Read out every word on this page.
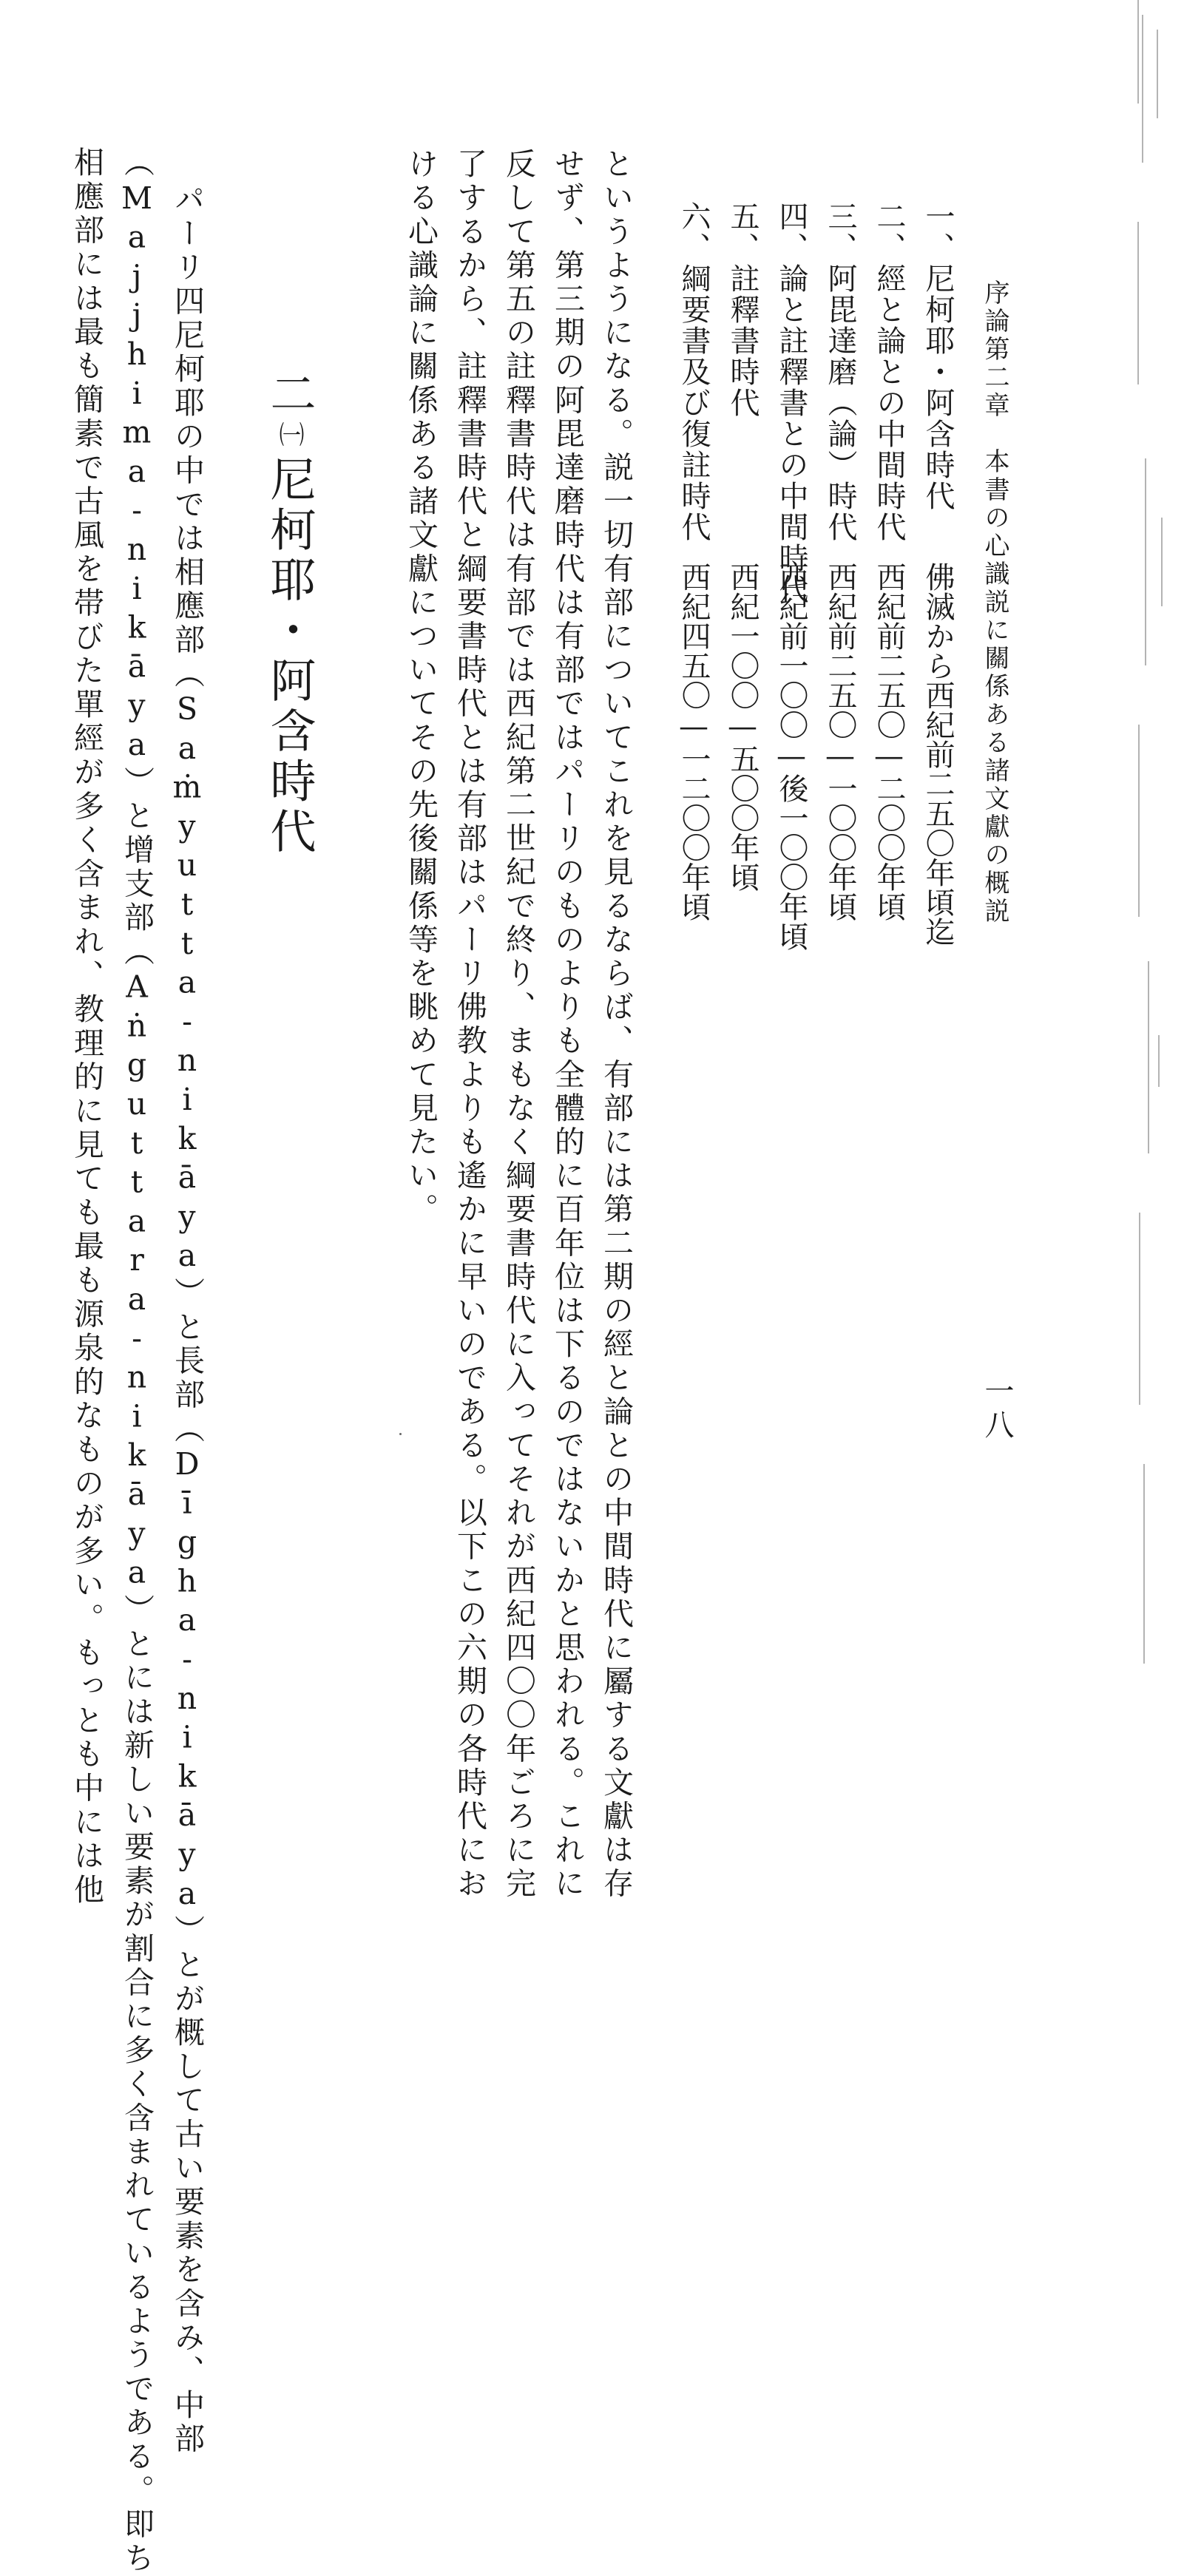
序論第二章　本書の心識説に關係ある諸文獻の概説
一八
一、尼柯耶・阿含時代
二、經と論との中間時代
三、阿毘達磨（論）時代
四、論と註釋書との中間時代
五、註釋書時代
六、綱要書及び復註時代
佛滅から西紀前二五〇年頃迄
西紀前二五〇—二〇〇年頃
西紀前二五〇—一〇〇年頃
西紀前一〇〇—後一〇〇年頃
西紀一〇〇—五〇〇年頃
西紀四五〇—一二〇〇年頃
というようになる。説一切有部についてこれを見るならば、有部には第二期の經と論との中間時代に屬する文獻は存
せず、第三期の阿毘達磨時代は有部ではパーリのものよりも全體的に百年位は下るのではないかと思われる。これに
反して第五の註釋書時代は有部では西紀第二世紀で終り、まもなく綱要書時代に入ってそれが西紀四〇〇年ごろに完
了するから、註釋書時代と綱要書時代とは有部はパーリ佛教よりも遙かに早いのである。以下この六期の各時代にお
ける心識論に關係ある諸文獻についてその先後關係等を眺めて見たい。
二
㈠尼柯耶・阿含時代
パーリ四尼柯耶の中では相應部（Saṁyutta-nikāya）と長部（Dīgha-nikāya）とが概して古い要素を含み、中部
（Majjhima-nikāya）と增支部（Aṅguttara-nikāya）とには新しい要素が割合に多く含まれているようである。即ち
相應部には最も簡素で古風を帯びた單經が多く含まれ、教理的に見ても最も源泉的なものが多い。もっとも中には他
